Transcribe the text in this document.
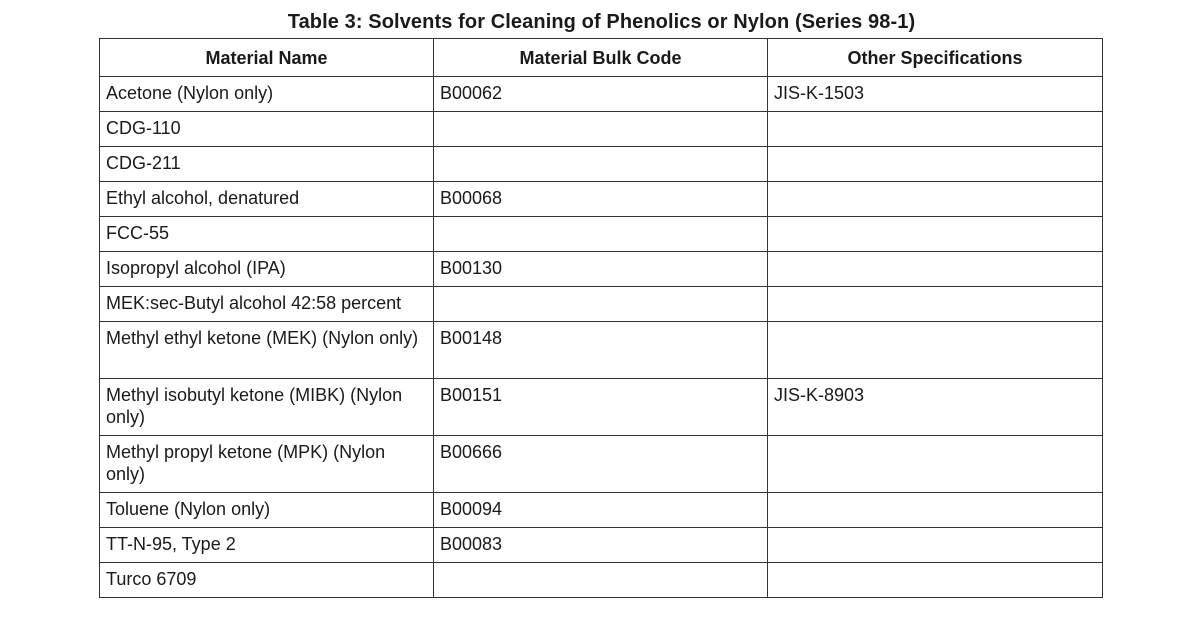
Table 3: Solvents for Cleaning of Phenolics or Nylon (Series 98-1)
Material Name	Material Bulk Code	Other Specifications
Acetone (Nylon only)	B00062	JIS-K-1503
CDG-110		
CDG-211		
Ethyl alcohol, denatured	B00068	
FCC-55		
Isopropyl alcohol (IPA)	B00130	
MEK:sec-Butyl alcohol 42:58 percent		
Methyl ethyl ketone (MEK) (Nylon only)	B00148	
Methyl isobutyl ketone (MIBK) (Nylon only)	B00151	JIS-K-8903
Methyl propyl ketone (MPK) (Nylon only)	B00666	
Toluene (Nylon only)	B00094	
TT-N-95, Type 2	B00083	
Turco 6709		
